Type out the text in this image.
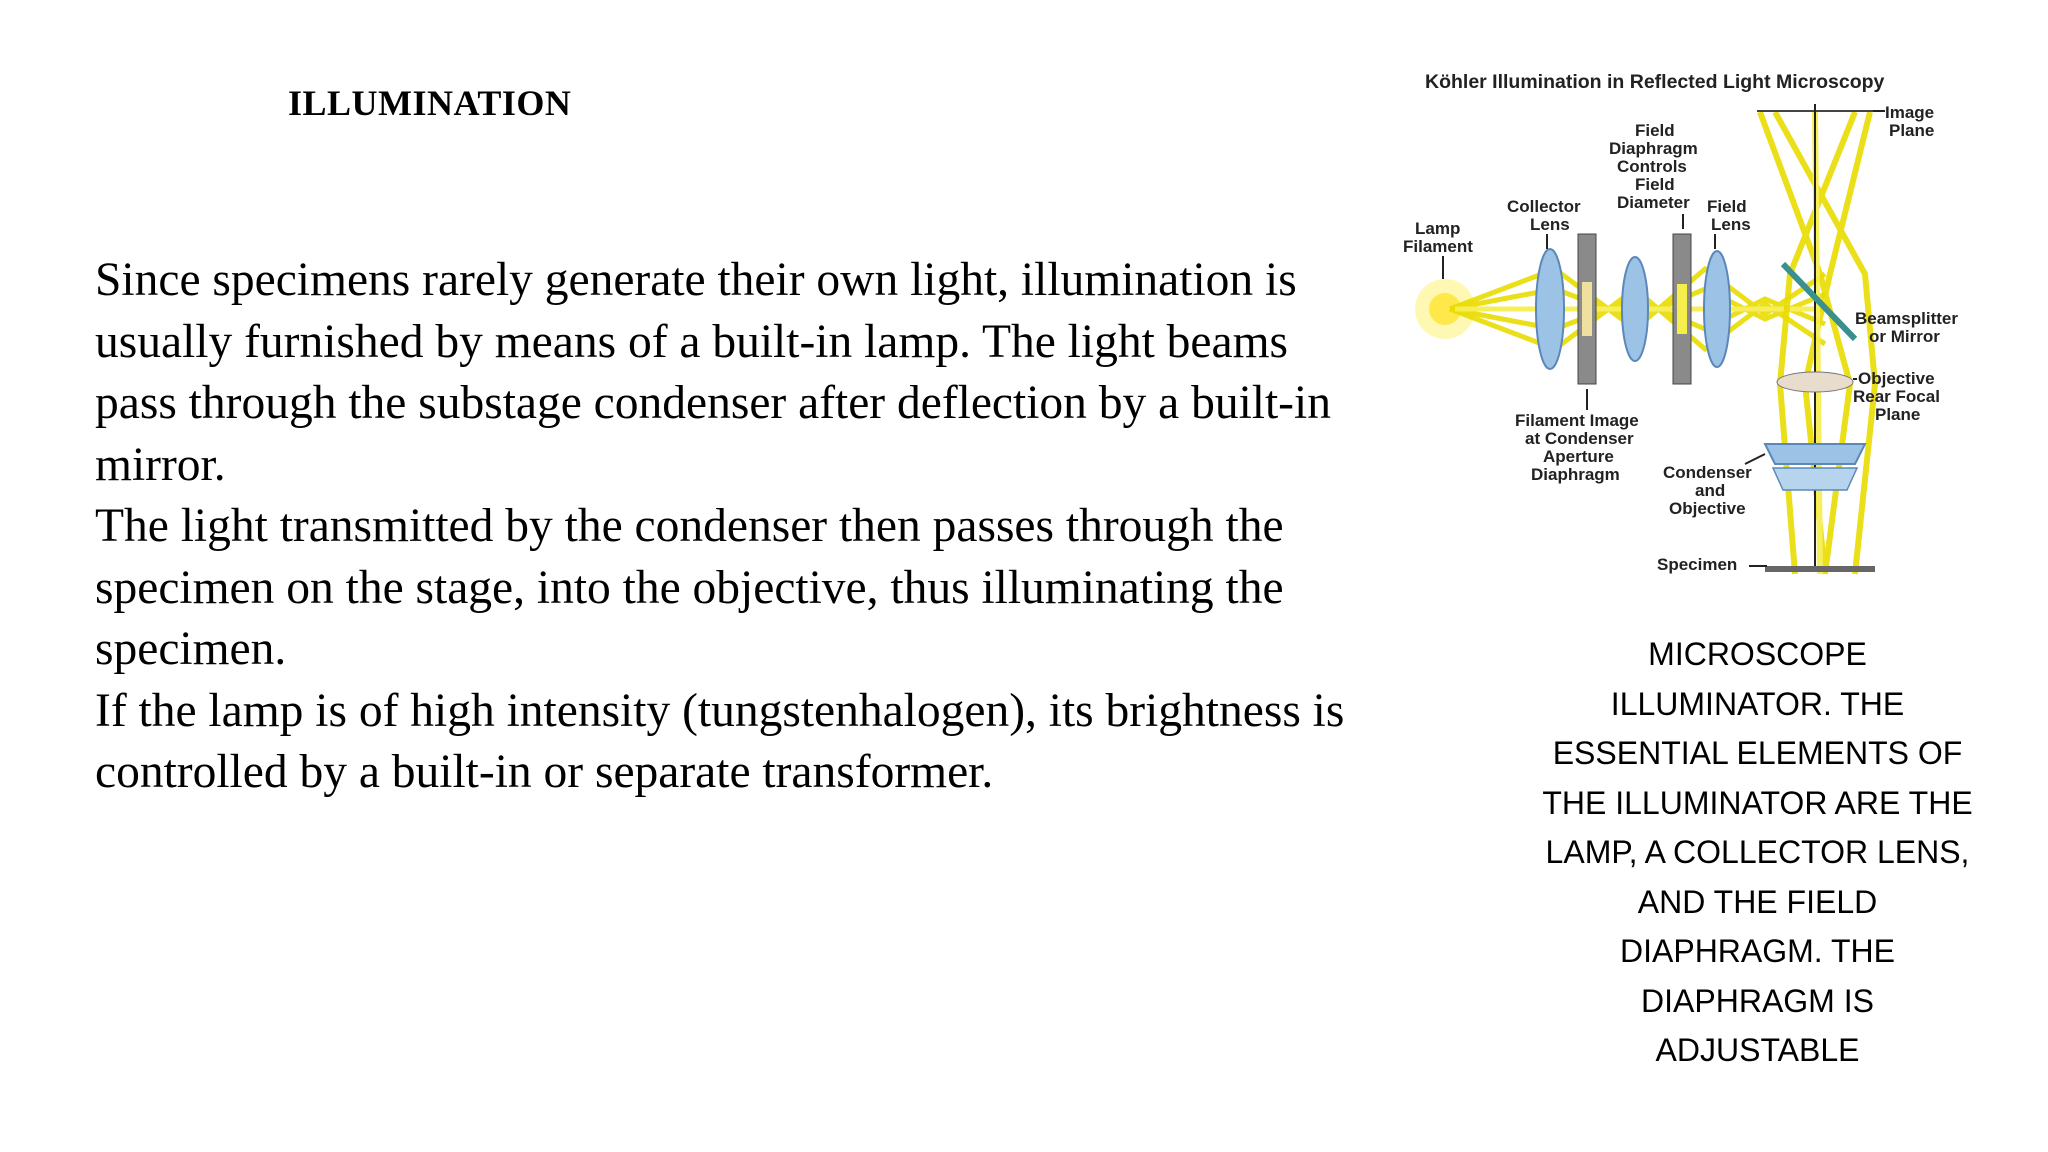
ILLUMINATION

Since specimens rarely generate their own light, illumination is usually furnished by means of a built-in lamp. The light beams pass through the substage condenser after deflection by a built-in mirror.

The light transmitted by the condenser then passes through the specimen on the stage, into the objective, thus illuminating the specimen.

If the lamp is of high intensity (tungstenhalogen), its brightness is controlled by a built-in or separate transformer.

Köhler Illumination in Reflected Light Microscopy
Lamp
Filament
Collector
Lens
Field
Diaphragm
Controls
Field
Diameter Field
Lens
Image
Plane
Beamsplitter
or Mirror
Objective
Rear Focal
Plane
Filament Image
at Condenser
Aperture
Diaphragm	Condenser
and
Objective
Specimen
MICROSCOPE ILLUMINATOR. THE ESSENTIAL ELEMENTS OF THE ILLUMINATOR ARE THE LAMP, A COLLECTOR LENS, AND THE FIELD DIAPHRAGM. THE DIAPHRAGM IS ADJUSTABLE
